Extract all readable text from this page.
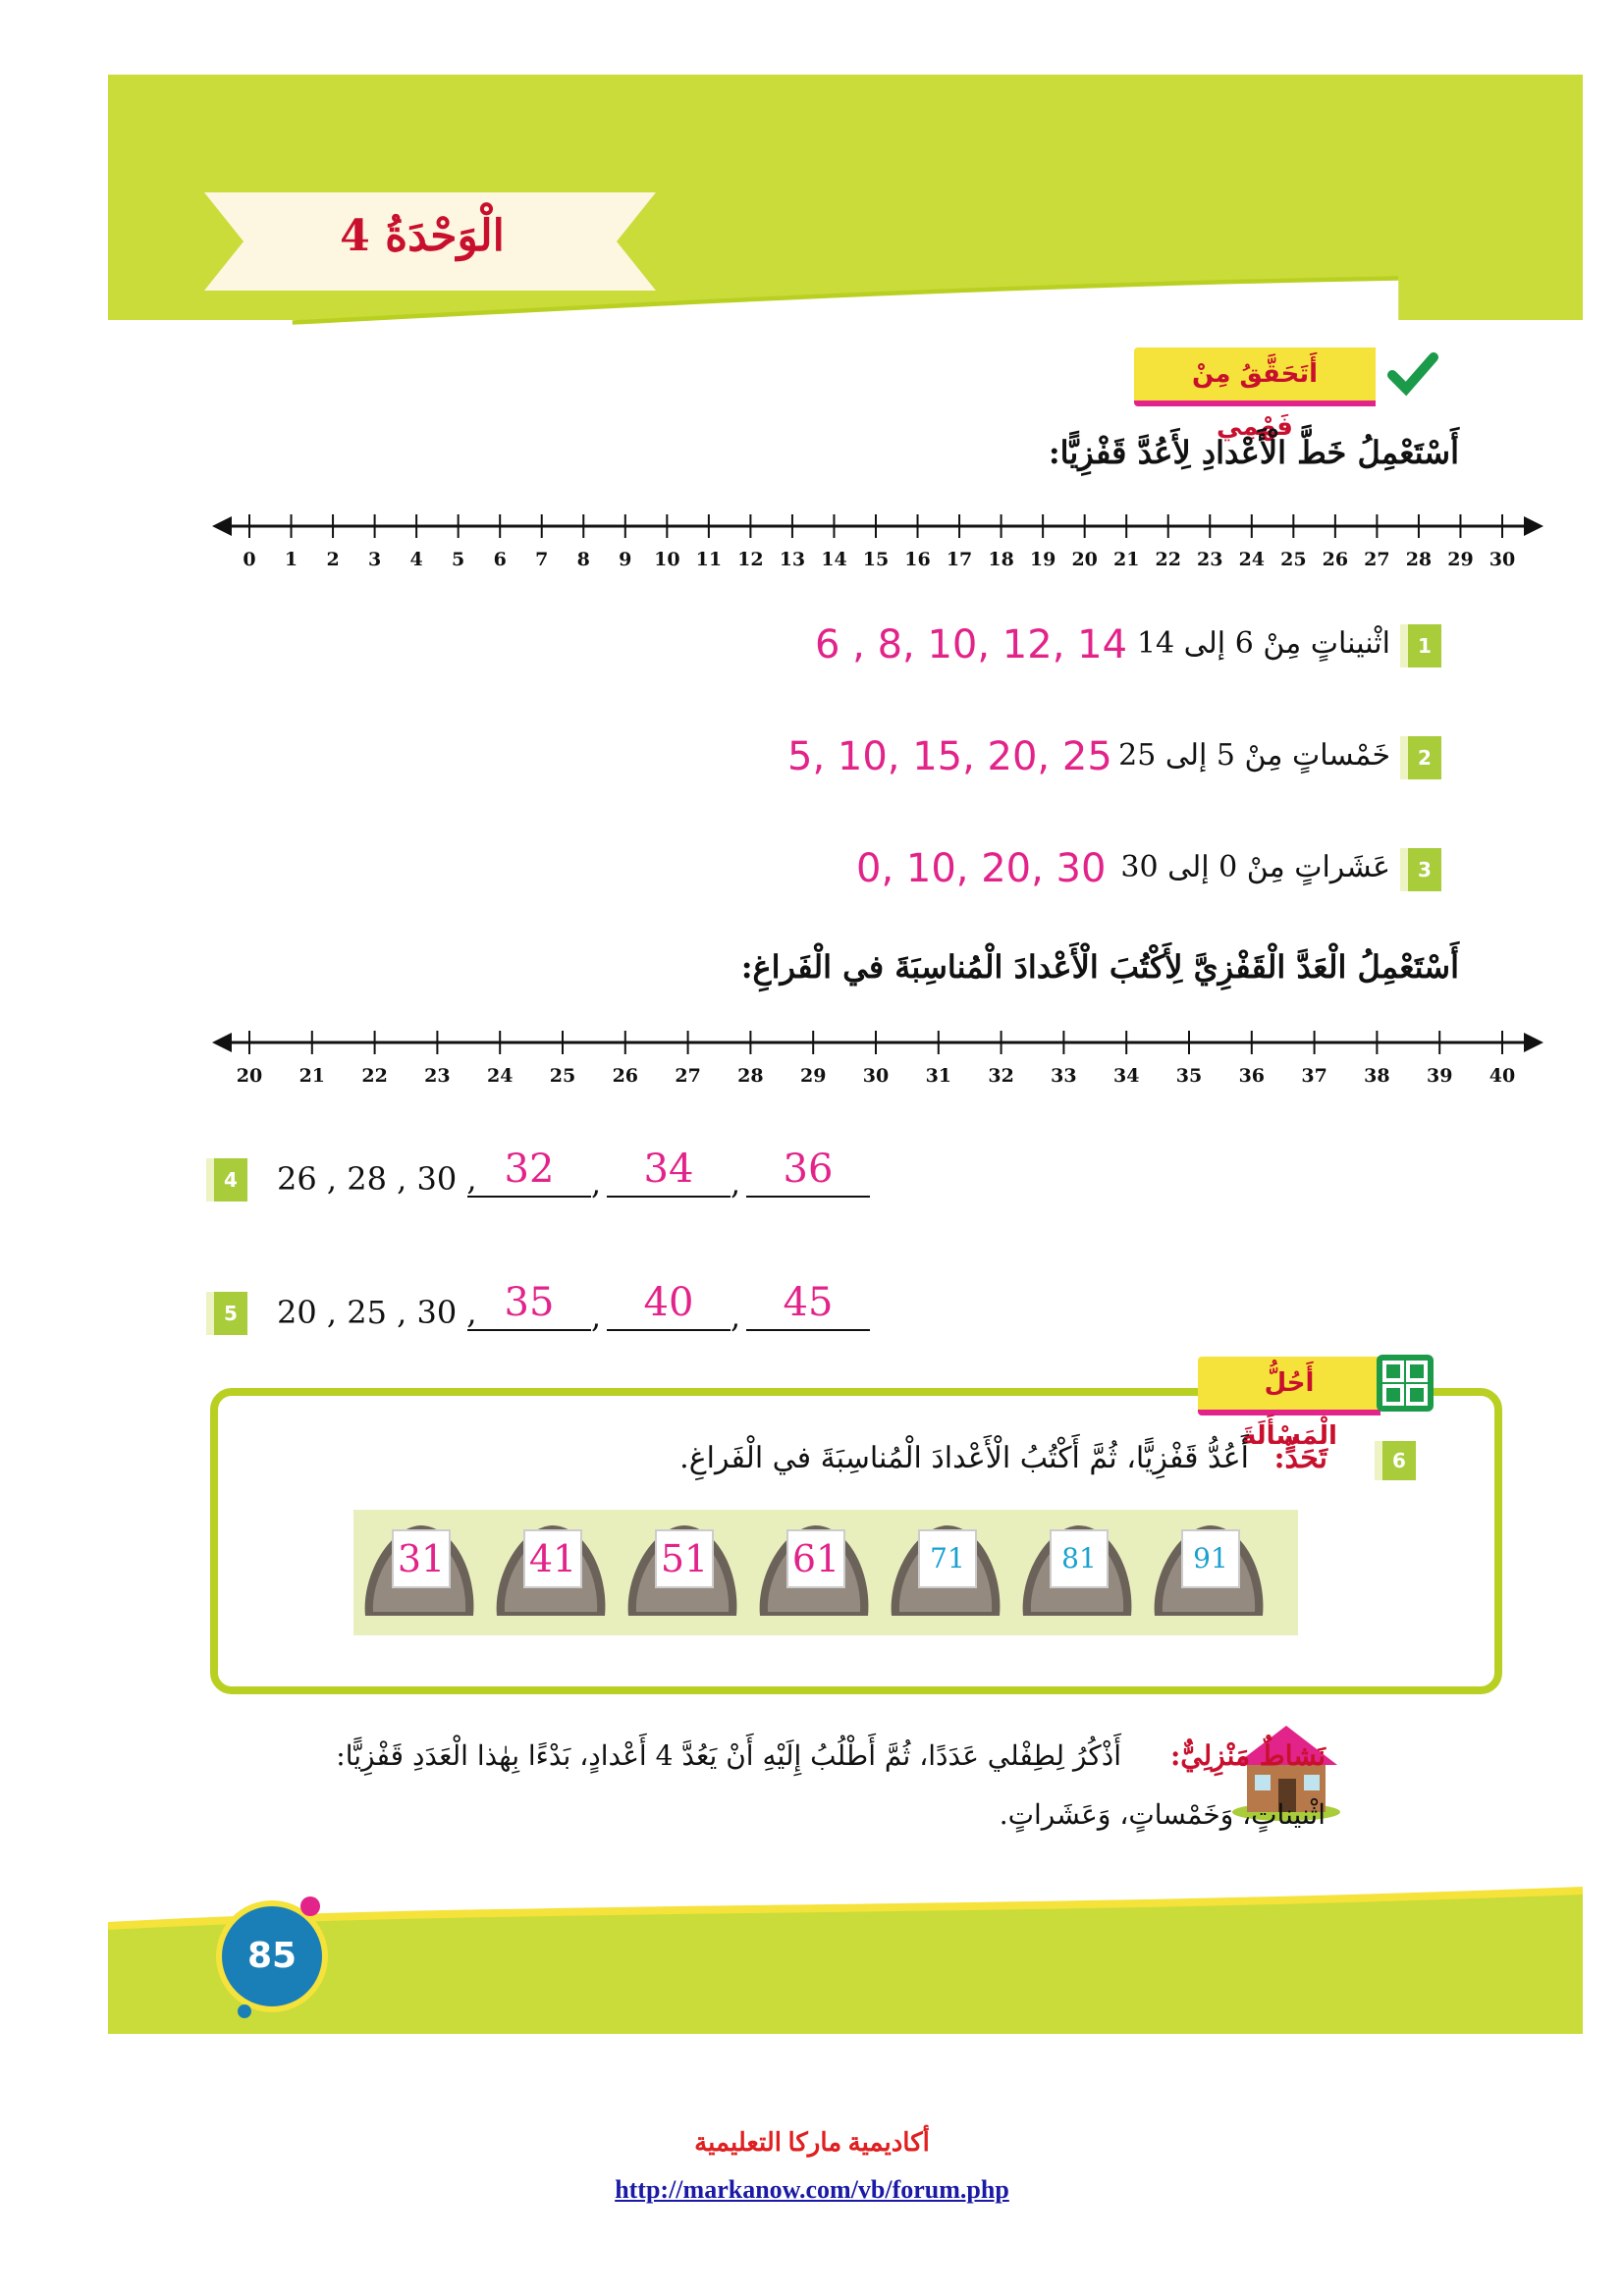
الْوَحْدَةُ 4
أَتَحَقَّقُ مِنْ فَهْمِي
أَسْتَعْمِلُ خَطَّ الْأَعْدادِ لِأَعُدَّ قَفْزِيًّا:
0 1 2 3 4 5 6 7 8 9 10 11 12 13 14 15 16 17 18 19 20 21 22 23 24 25 26 27 28 29 30
1
اثْنيناتٍ مِنْ 6 إلى 14
6 , 8, 10, 12, 14
2
خَمْساتٍ مِنْ 5 إلى 25
5, 10, 15, 20, 25
3
عَشَراتٍ مِنْ 0 إلى 30
0, 10, 20, 30
أَسْتَعْمِلُ الْعَدَّ الْقَفْزِيَّ لِأَكْتُبَ الْأَعْدادَ الْمُناسِبَةَ في الْفَراغِ:
20 21 22 23 24 25 26 27 28 29 30 31 32 33 34 35 36 37 38 39 40
4	26 , 28 , 30 , 32	,	34	,	36
5	20 , 25 , 30 , 35	,	40	,	45
أَحُلُّ الْمَسْأَلَةَ
6
تَحَدٍّ:
أَعُدُّ قَفْزِيًّا، ثُمَّ أَكْتُبُ الْأَعْدادَ الْمُناسِبَةَ في الْفَراغِ.
31 41 51 61	71	81	91
نَشاطٌ مَنْزِلِيٌّ:
أَذْكُرُ لِطِفْلي عَدَدًا، ثُمَّ أَطْلُبُ إِلَيْهِ أَنْ يَعُدَّ 4 أَعْدادٍ، بَدْءًا بِهٰذا الْعَدَدِ قَفْزِيًّا:
اثْنيناتٍ، وَخَمْساتٍ، وَعَشَراتٍ.
85
أكاديمية ماركا التعليمية
http://markanow.com/vb/forum.php
